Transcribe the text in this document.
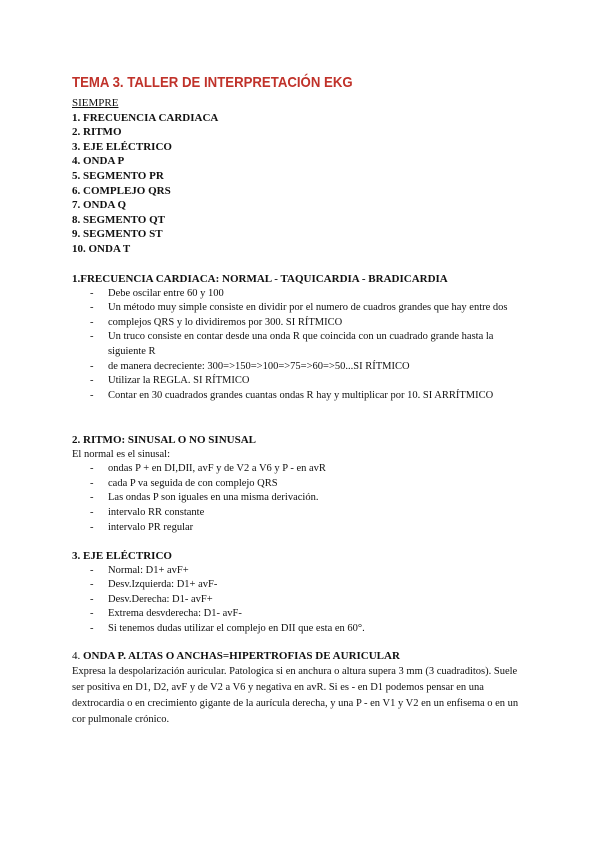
TEMA 3. TALLER DE INTERPRETACIÓN EKG
SIEMPRE
1. FRECUENCIA CARDIACA
2. RITMO
3. EJE ELÉCTRICO
4. ONDA P
5. SEGMENTO PR
6. COMPLEJO QRS
7. ONDA Q
8. SEGMENTO QT
9. SEGMENTO ST
10. ONDA T
1.FRECUENCIA CARDIACA: NORMAL - TAQUICARDIA - BRADICARDIA
- Debe oscilar entre 60 y 100
- Un método muy simple consiste en dividir por el numero de cuadros grandes que hay entre dos
- complejos QRS y lo dividiremos por 300. SI RÍTMICO
- Un truco consiste en contar desde una onda R que coincida con un cuadrado grande hasta la siguiente R
- de manera decreciente: 300=>150=>100=>75=>60=>50...SI RÍTMICO
- Utilizar la REGLA. SI RÍTMICO
- Contar en 30 cuadrados grandes cuantas ondas R hay y multiplicar por 10. SI ARRÍTMICO
2. RITMO: SINUSAL O NO SINUSAL
El normal es el sinusal:
- ondas P + en DI,DII, avF y de V2 a V6 y P - en avR
- cada P va seguida de con complejo QRS
- Las ondas P son iguales en una misma derivación.
- intervalo RR constante
- intervalo PR regular
3. EJE ELÉCTRICO
- Normal: D1+ avF+
- Desv.Izquierda: D1+ avF-
- Desv.Derecha: D1- avF+
- Extrema desvderecha: D1- avF-
- Si tenemos dudas utilizar el complejo en DII que esta en 60°.
4. ONDA P. ALTAS O ANCHAS=HIPERTROFIAS DE AURICULAR
Expresa la despolarización auricular. Patologica si en anchura o altura supera 3 mm (3 cuadraditos). Suele ser positiva en D1, D2, avF y de V2 a V6 y negativa en avR. Si es - en D1 podemos pensar en una dextrocardia o en crecimiento gigante de la aurícula derecha, y una P - en V1 y V2 en un enfisema o en un cor pulmonale crónico.
